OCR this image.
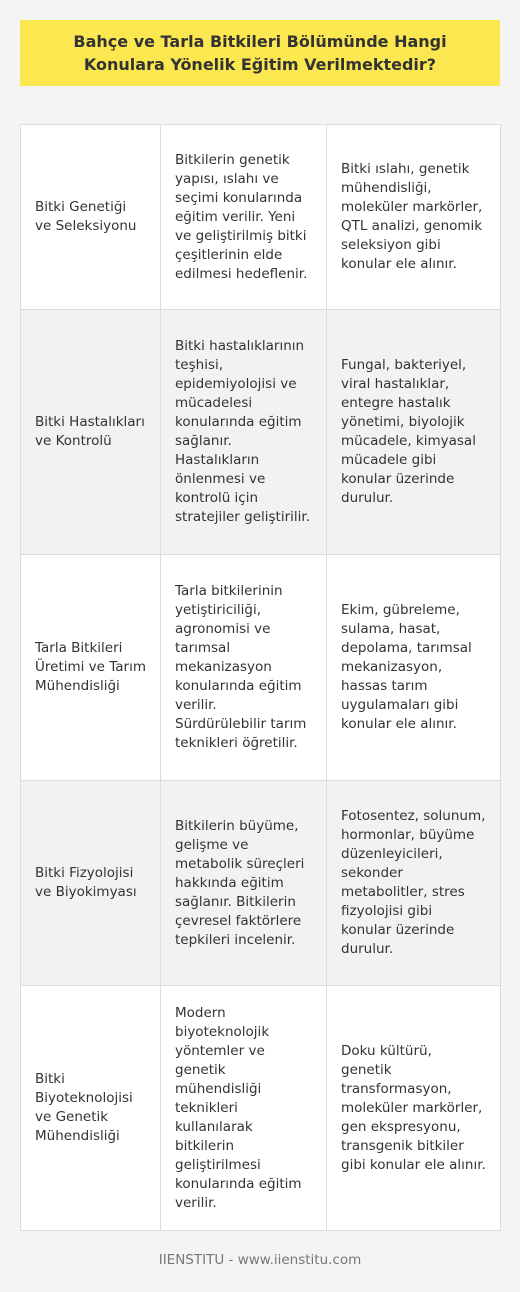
Bahçe ve Tarla Bitkileri Bölümünde Hangi Konulara Yönelik Eğitim Verilmektedir?
Bitki Genetiği ve Seleksiyonu	Bitkilerin genetik yapısı, ıslahı ve seçimi konularında eğitim verilir. Yeni ve geliştirilmiş bitki çeşitlerinin elde edilmesi hedeflenir.	Bitki ıslahı, genetik mühendisliği, moleküler markörler, QTL analizi, genomik seleksiyon gibi konular ele alınır.
Bitki Hastalıkları ve Kontrolü	Bitki hastalıklarının teşhisi, epidemiyolojisi ve mücadelesi konularında eğitim sağlanır. Hastalıkların önlenmesi ve kontrolü için stratejiler geliştirilir.	Fungal, bakteriyel, viral hastalıklar, entegre hastalık yönetimi, biyolojik mücadele, kimyasal mücadele gibi konular üzerinde durulur.
Tarla Bitkileri Üretimi ve Tarım Mühendisliği	Tarla bitkilerinin yetiştiriciliği, agronomisi ve tarımsal mekanizasyon konularında eğitim verilir. Sürdürülebilir tarım teknikleri öğretilir.	Ekim, gübreleme, sulama, hasat, depolama, tarımsal mekanizasyon, hassas tarım uygulamaları gibi konular ele alınır.
Bitki Fizyolojisi ve Biyokimyası	Bitkilerin büyüme, gelişme ve metabolik süreçleri hakkında eğitim sağlanır. Bitkilerin çevresel faktörlere tepkileri incelenir.	Fotosentez, solunum, hormonlar, büyüme düzenleyicileri, sekonder metabolitler, stres fizyolojisi gibi konular üzerinde durulur.
Bitki Biyoteknolojisi ve Genetik Mühendisliği	Modern biyoteknolojik yöntemler ve genetik mühendisliği teknikleri kullanılarak bitkilerin geliştirilmesi konularında eğitim verilir.	Doku kültürü, genetik transformasyon, moleküler markörler, gen ekspresyonu, transgenik bitkiler gibi konular ele alınır.
IIENSTITU - www.iienstitu.com
